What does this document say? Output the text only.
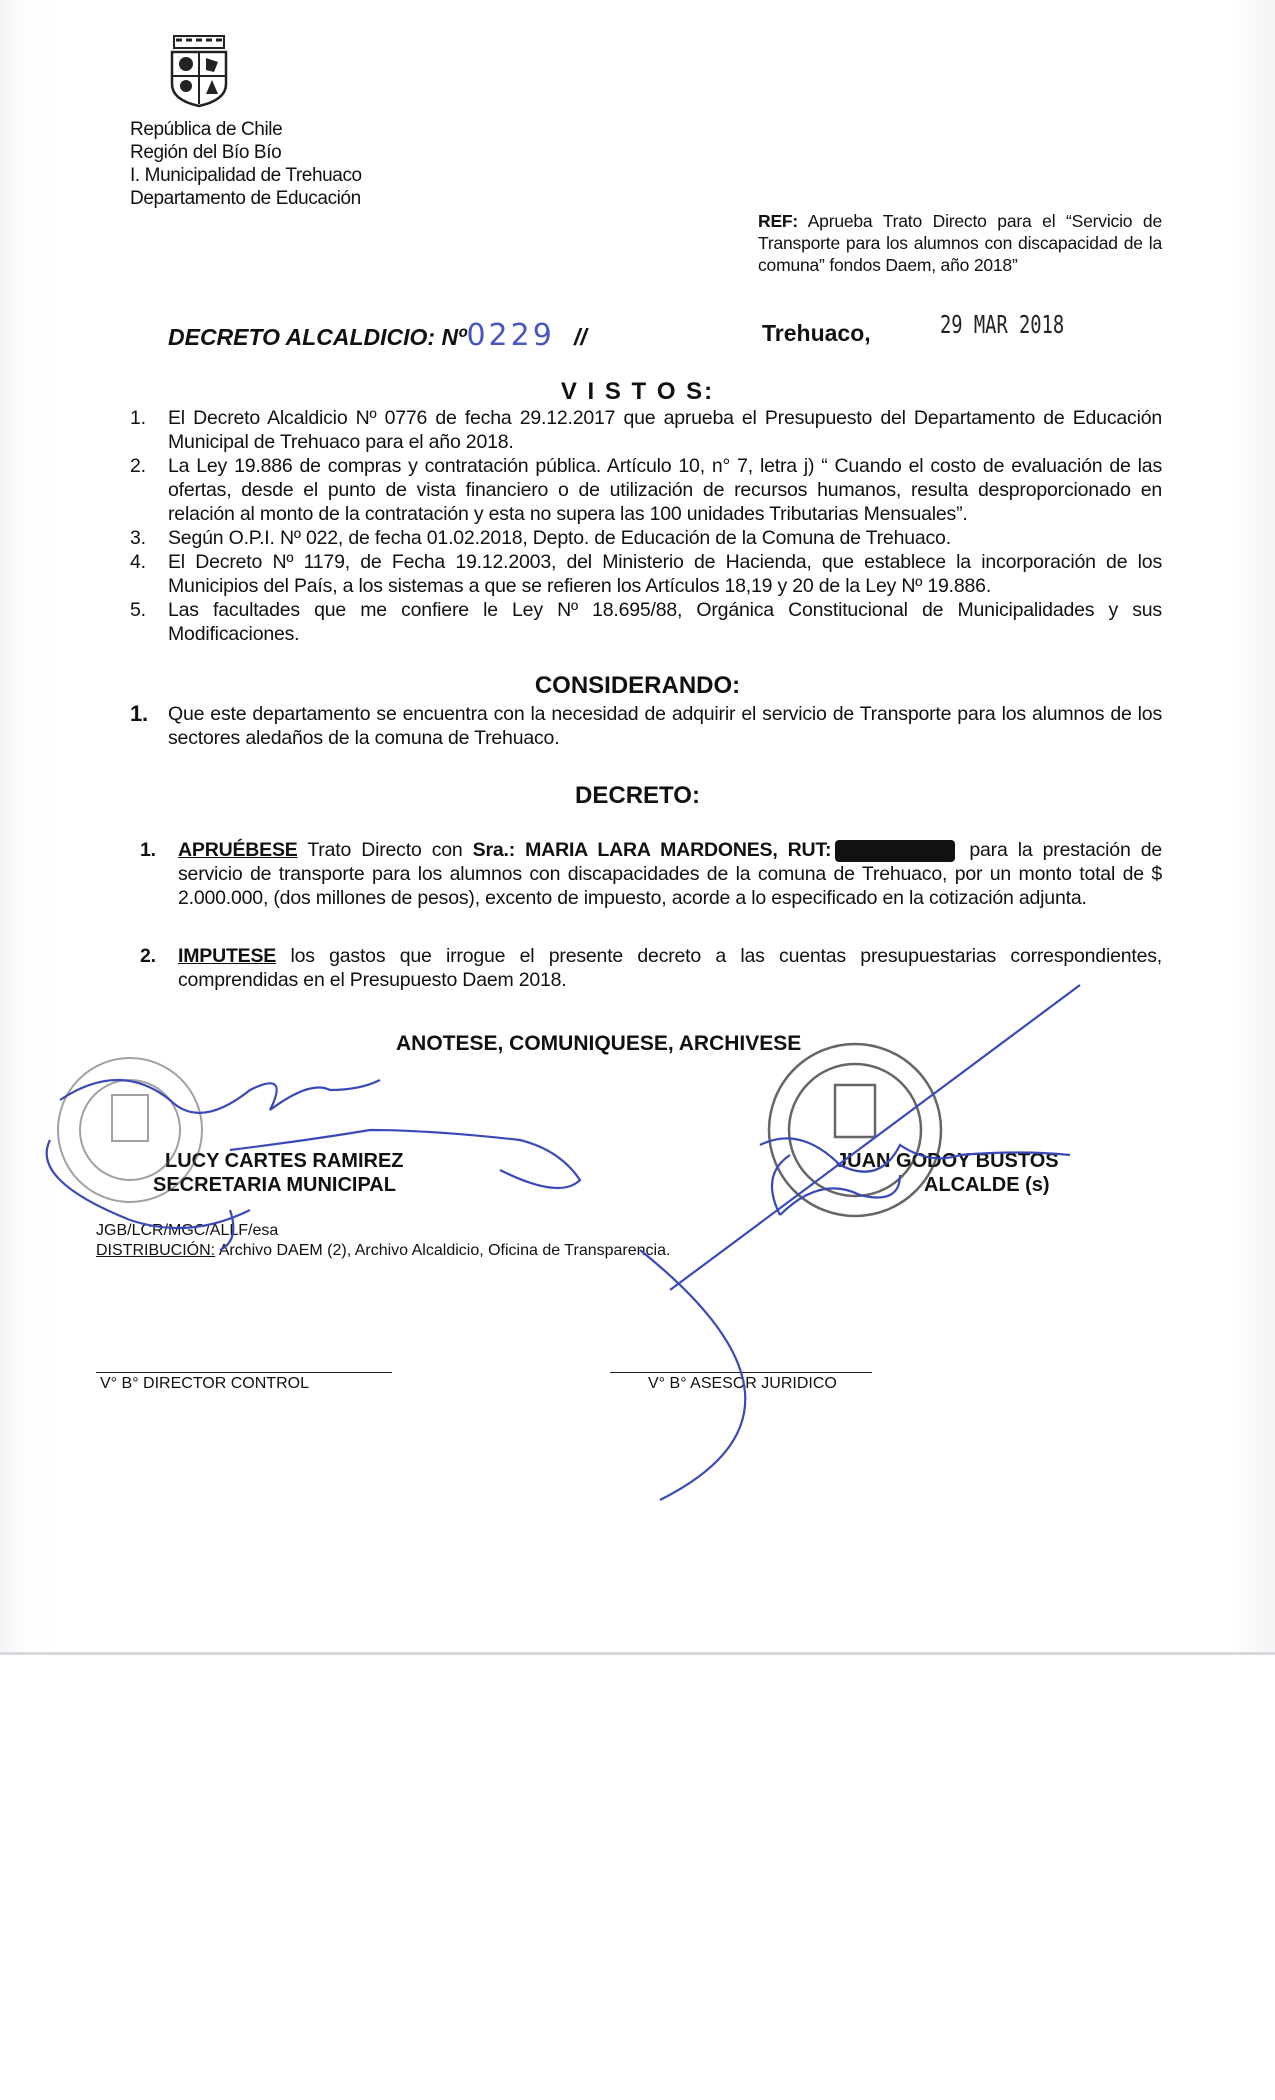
República de Chile
Región del Bío Bío
I. Municipalidad de Trehuaco
Departamento de Educación
REF: Aprueba Trato Directo para el “Servicio de Transporte para los alumnos con discapacidad de la comuna” fondos Daem, año 2018”
DECRETO ALCALDICIO: Nº0229 //	Trehuaco,	29 MAR 2018
V I S T O S:
1. El Decreto Alcaldicio Nº 0776 de fecha 29.12.2017 que aprueba el Presupuesto del Departamento de Educación Municipal de Trehuaco para el año 2018.
2. La Ley 19.886 de compras y contratación pública. Artículo 10, n° 7, letra j) “ Cuando el costo de evaluación de las ofertas, desde el punto de vista financiero o de utilización de recursos humanos, resulta desproporcionado en relación al monto de la contratación y esta no supera las 100 unidades Tributarias Mensuales”.
3. Según O.P.I. Nº 022, de fecha 01.02.2018, Depto. de Educación de la Comuna de Trehuaco.
4. El Decreto Nº 1179, de Fecha 19.12.2003, del Ministerio de Hacienda, que establece la incorporación de los Municipios del País, a los sistemas a que se refieren los Artículos 18,19 y 20 de la Ley Nº 19.886.
5. Las facultades que me confiere le Ley Nº 18.695/88, Orgánica Constitucional de Municipalidades y sus Modificaciones.
CONSIDERANDO:
1. Que este departamento se encuentra con la necesidad de adquirir el servicio de Transporte para los alumnos de los sectores aledaños de la comuna de Trehuaco.
DECRETO:
1. APRUÉBESE Trato Directo con Sra.: MARIA LARA MARDONES, RUT:	para la prestación de servicio de transporte para los alumnos con discapacidades de la comuna de Trehuaco, por un monto total de $ 2.000.000, (dos millones de pesos), excento de impuesto, acorde a lo especificado en la cotización adjunta.
2. IMPUTESE los gastos que irrogue el presente decreto a las cuentas presupuestarias correspondientes, comprendidas en el Presupuesto Daem 2018.
ANOTESE, COMUNIQUESE, ARCHIVESE
LUCY CARTES RAMIREZ
SECRETARIA MUNICIPAL
JUAN GODOY BUSTOS
ALCALDE (s)
JGB/LCR/MGC/ALLF/esa
DISTRIBUCIÓN: Archivo DAEM (2), Archivo Alcaldicio, Oficina de Transparencia.
V° B° DIRECTOR CONTROL	V° B° ASESOR JURIDICO
